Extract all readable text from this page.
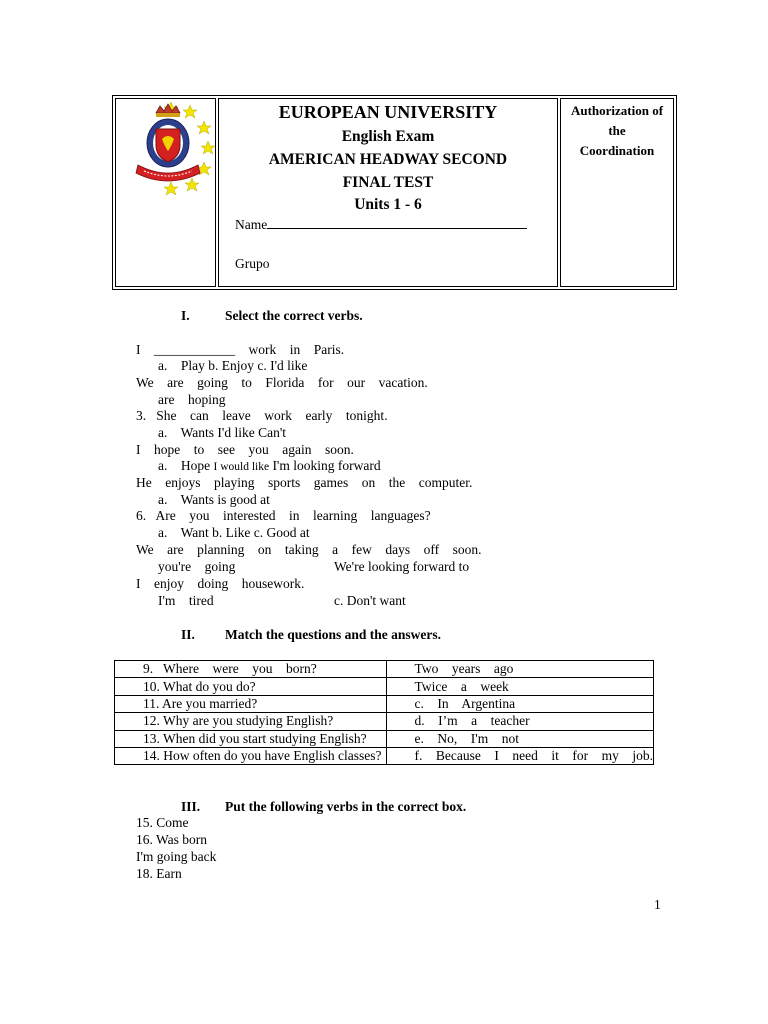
EUROPEAN UNIVERSITY
English Exam
AMERICAN HEADWAY SECOND
FINAL TEST
Units 1 - 6
Name
Grupo
Authorization of
the
Coordination
I.	Select the correct verbs.
I    ____________    work    in    Paris.
a.    Play b. Enjoy c. I'd like
We    are    going    to    Florida    for    our    vacation.
are    hoping
3.   She    can    leave    work    early    tonight.
a.    Wants I'd like Can't
I    hope    to    see    you    again    soon.
a.    Hope I would like I'm looking forward
He    enjoys    playing    sports    games    on    the    computer.
a.    Wants is good at
6.   Are    you    interested    in    learning    languages?
a.    Want b. Like c. Good at
We    are    planning    on    taking    a    few    days    off    soon.
you're    going	We're looking forward to
I    enjoy    doing    housework.
I'm    tired	c. Don't want
II. Match the questions and the answers.
9.   Where    were    you    born?	Two    years    ago
10. What do you do?	Twice    a    week
11. Are you married?	c.    In    Argentina
12. Why are you studying English?	d.    I’m    a    teacher
13. When did you start studying English?	e.    No,    I'm    not
14. How often do you have English classes?	f.    Because    I    need    it    for    my    job.
III. Put the following verbs in the correct box.
15. Come
16. Was born
I'm going back
18. Earn
1
